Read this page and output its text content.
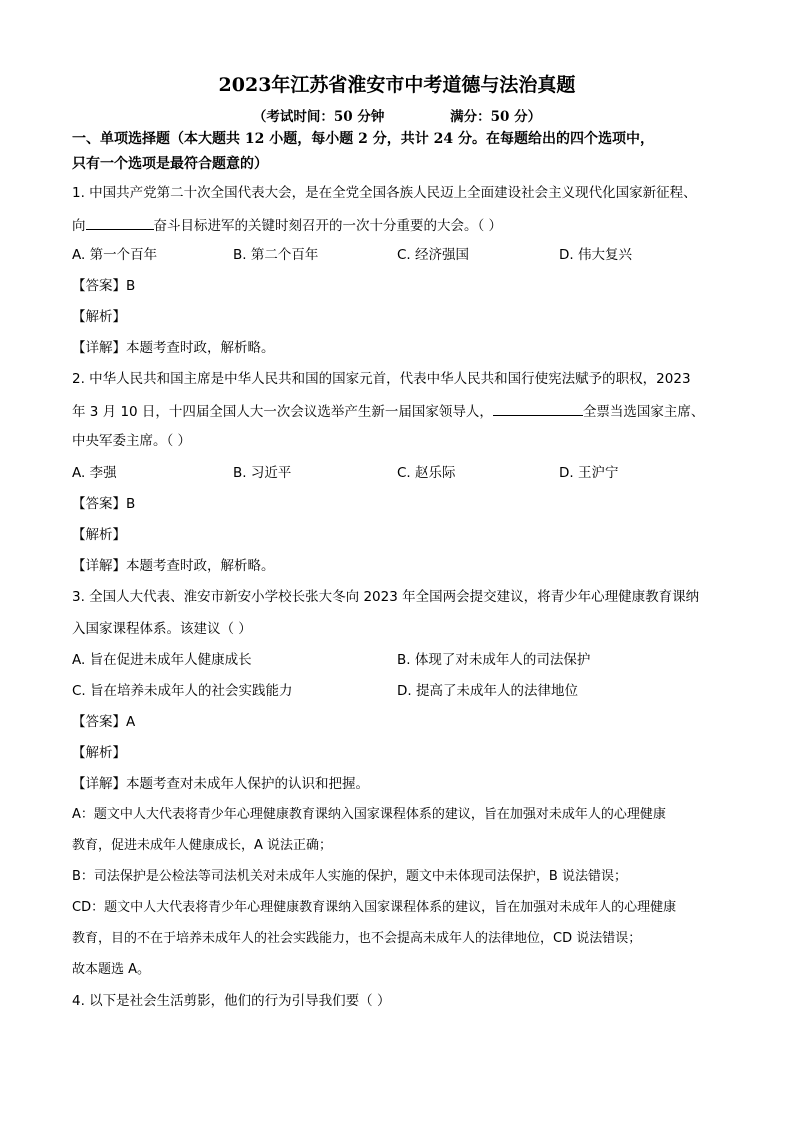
2023年江苏省淮安市中考道德与法治真题
（考试时间：50 分钟              满分：50 分）
一、单项选择题（本大题共 12 小题，每小题 2 分，共计 24 分。在每题给出的四个选项中，
只有一个选项是最符合题意的）
1. 中国共产党第二十次全国代表大会，是在全党全国各族人民迈上全面建设社会主义现代化国家新征程、
向	奋斗目标进军的关键时刻召开的一次十分重要的大会。（ ）
A. 第一个百年	B. 第二个百年	C. 经济强国	D. 伟大复兴
【答案】B
【解析】
【详解】本题考查时政，解析略。
2. 中华人民共和国主席是中华人民共和国的国家元首，代表中华人民共和国行使宪法赋予的职权，2023
年 3 月 10 日，十四届全国人大一次会议选举产生新一届国家领导人，	全票当选国家主席、
中央军委主席。（ ）
A. 李强	B. 习近平	C. 赵乐际	D. 王沪宁
【答案】B
【解析】
【详解】本题考查时政，解析略。
3. 全国人大代表、淮安市新安小学校长张大冬向 2023 年全国两会提交建议，将青少年心理健康教育课纳
入国家课程体系。该建议（ ）
A. 旨在促进未成年人健康成长	B. 体现了对未成年人的司法保护
C. 旨在培养未成年人的社会实践能力	D. 提高了未成年人的法律地位
【答案】A
【解析】
【详解】本题考查对未成年人保护的认识和把握。
A：题文中人大代表将青少年心理健康教育课纳入国家课程体系的建议，旨在加强对未成年人的心理健康
教育，促进未成年人健康成长，A 说法正确；
B：司法保护是公检法等司法机关对未成年人实施的保护，题文中未体现司法保护，B 说法错误；
CD：题文中人大代表将青少年心理健康教育课纳入国家课程体系的建议，旨在加强对未成年人的心理健康
教育，目的不在于培养未成年人的社会实践能力，也不会提高未成年人的法律地位，CD 说法错误；
故本题选 A。
4. 以下是社会生活剪影，他们的行为引导我们要（ ）
